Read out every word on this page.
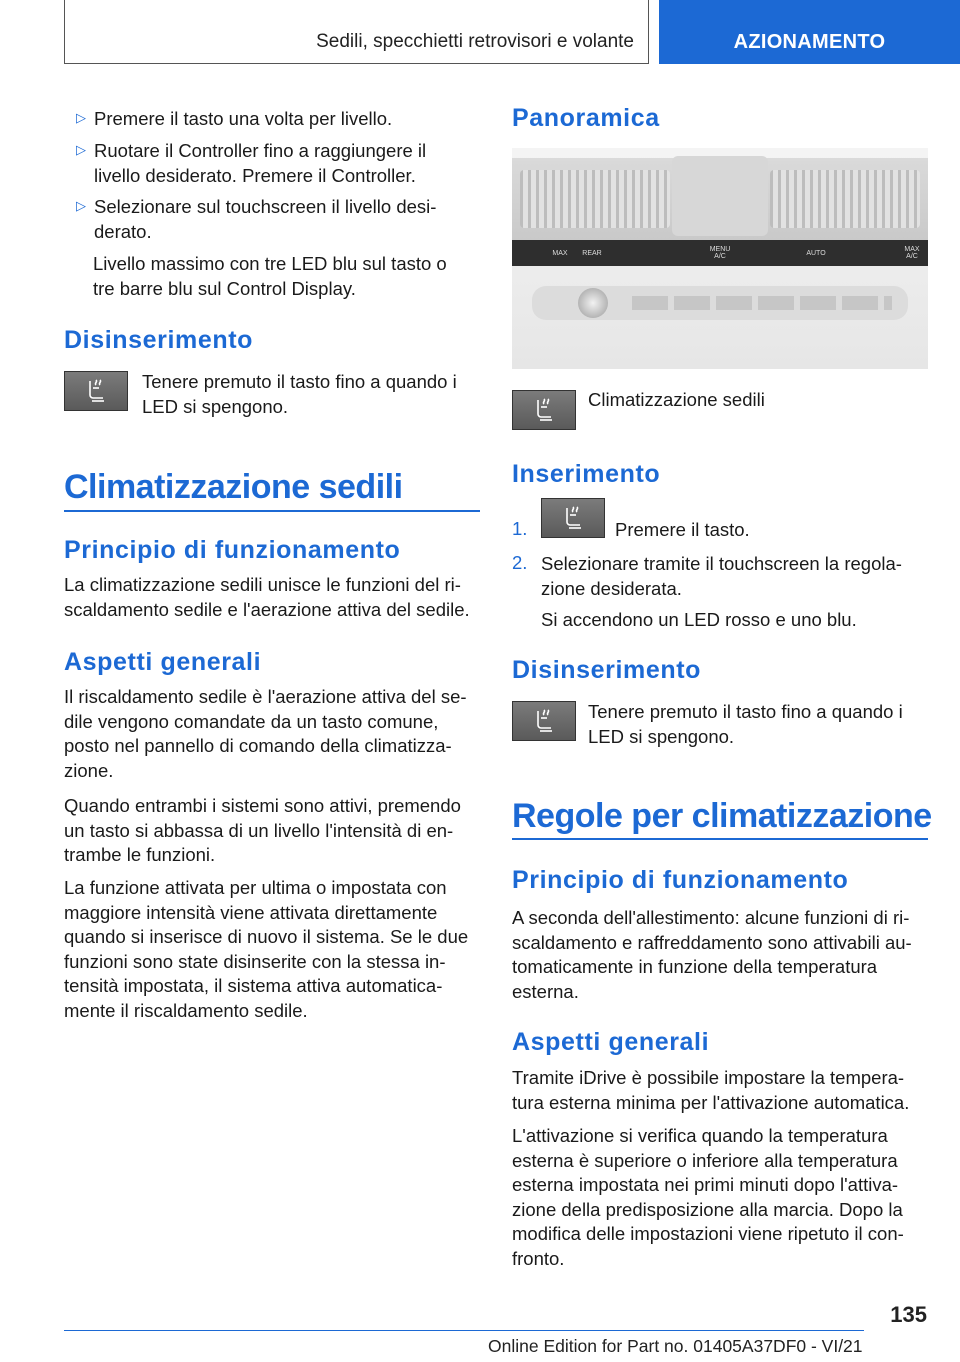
Sedili, specchietti retrovisori e volante	AZIONAMENTO
▷ Premere il tasto una volta per livello.

▷ Ruotare il Controller fino a raggiungere il livello desiderato. Premere il Controller.

▷ Selezionare sul touchscreen il livello desi-derato.

Livello massimo con tre LED blu sul tasto o tre barre blu sul Control Display.

Disinserimento

Tenere premuto il tasto fino a quando i LED si spengono.

Climatizzazione sedili
Principio di funzionamento

La climatizzazione sedili unisce le funzioni del ri-scaldamento sedile e l'aerazione attiva del sedile.

Aspetti generali

Il riscaldamento sedile è l'aerazione attiva del se-dile vengono comandate da un tasto comune, posto nel pannello di comando della climatizza-zione.

Quando entrambi i sistemi sono attivi, premendo un tasto si abbassa di un livello l'intensità di en-trambe le funzioni.

La funzione attivata per ultima o impostata con maggiore intensità viene attivata direttamente quando si inserisce di nuovo il sistema. Se le due funzioni sono state disinserite con la stessa in-tensità impostata, il sistema attiva automatica-mente il riscaldamento sedile.

Panoramica
MAX	REAR	MENU A/C	AUTO	MAX A/C

Climatizzazione sedili

Inserimento
1.	Premere il tasto.

2. Selezionare tramite il touchscreen la regola-zione desiderata.

Si accendono un LED rosso e uno blu.

Disinserimento

Tenere premuto il tasto fino a quando i LED si spengono.

Regole per climatizzazione
Principio di funzionamento

A seconda dell'allestimento: alcune funzioni di ri-scaldamento e raffreddamento sono attivabili au-tomaticamente in funzione della temperatura esterna.

Aspetti generali

Tramite iDrive è possibile impostare la tempera-tura esterna minima per l'attivazione automatica.

L'attivazione si verifica quando la temperatura esterna è superiore o inferiore alla temperatura esterna impostata nei primi minuti dopo l'attiva-zione della predisposizione alla marcia. Dopo la modifica delle impostazioni viene ripetuto il con-fronto.

135
Online Edition for Part no. 01405A37DF0 - VI/21
